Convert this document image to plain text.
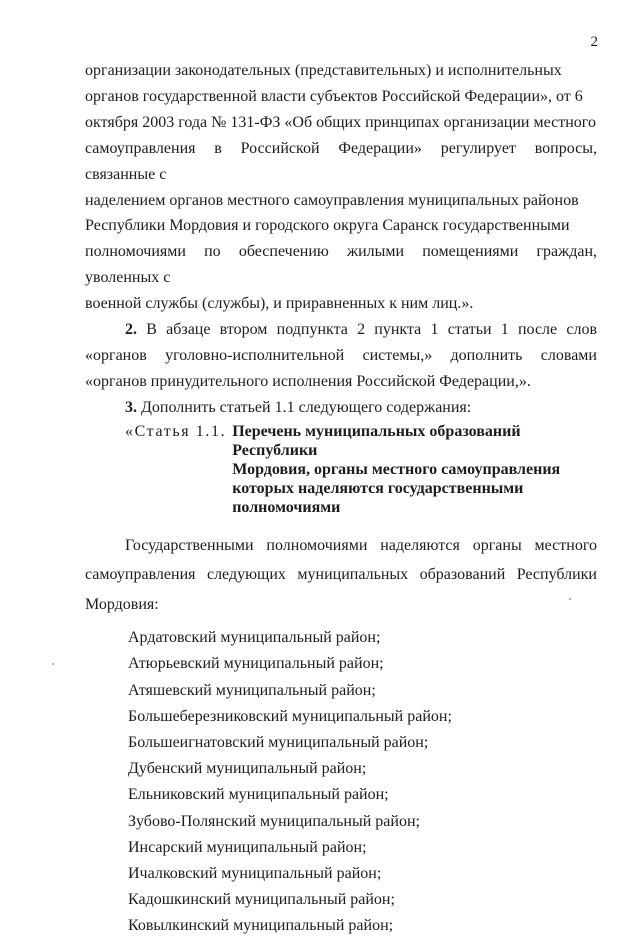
2

организации законодательных (представительных) и исполнительных

органов государственной власти субъектов Российской Федерации», от 6

октября 2003 года № 131-ФЗ «Об общих принципах организации местного

самоуправления в Российской Федерации» регулирует вопросы, связанные с

наделением органов местного самоуправления муниципальных районов

Республики Мордовия и городского округа Саранск государственными

полномочиями по обеспечению жилыми помещениями граждан, уволенных с

военной службы (службы), и приравненных к ним лиц.».

2. В абзаце втором подпункта 2 пункта 1 статьи 1 после слов «органов уголовно-исполнительной системы,» дополнить словами «органов принудительного исполнения Российской Федерации,».

3. Дополнить статьей 1.1 следующего содержания:

«Статья 1.1. Перечень муниципальных образований Республики
Мордовия, органы местного самоуправления
которых наделяются государственными
полномочиями

Государственными полномочиями наделяются органы местного самоуправления следующих муниципальных образований Республики Мордовия:

Ардатовский муниципальный район;
Атюрьевский муниципальный район;
Атяшевский муниципальный район;
Большеберезниковский муниципальный район;
Большеигнатовский муниципальный район;
Дубенский муниципальный район;
Ельниковский муниципальный район;
Зубово-Полянский муниципальный район;
Инсарский муниципальный район;
Ичалковский муниципальный район;
Кадошкинский муниципальный район;
Ковылкинский муниципальный район;
